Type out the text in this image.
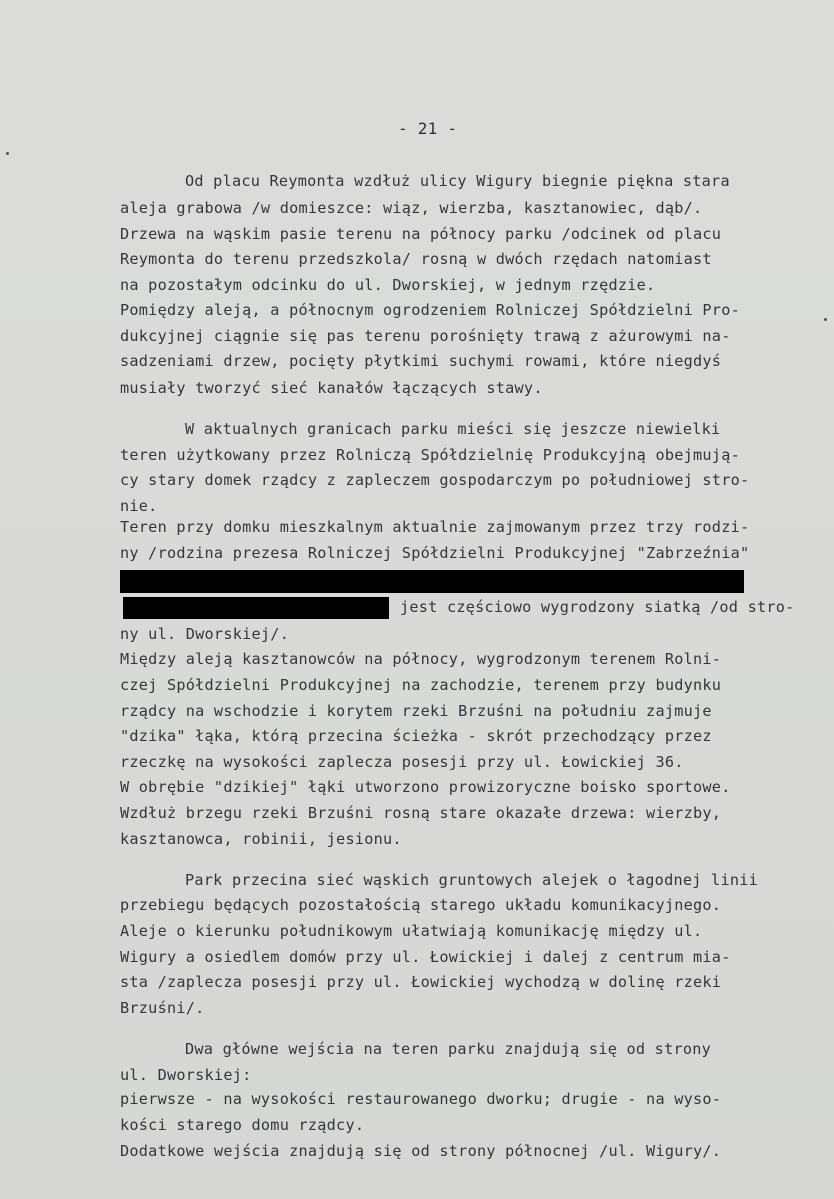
- 21 -
Od placu Reymonta wzdłuż ulicy Wigury biegnie piękna stara
aleja grabowa /w domieszce: wiąz, wierzba, kasztanowiec, dąb/.
Drzewa na wąskim pasie terenu na północy parku /odcinek od placu
Reymonta do terenu przedszkola/ rosną w dwóch rzędach natomiast
na pozostałym odcinku do ul. Dworskiej, w jednym rzędzie.
Pomiędzy aleją, a północnym ogrodzeniem Rolniczej Spółdzielni Pro-
dukcyjnej ciągnie się pas terenu porośnięty trawą z ażurowymi na-
sadzeniami drzew, pocięty płytkimi suchymi rowami, które niegdyś
musiały tworzyć sieć kanałów łączących stawy.
W aktualnych granicach parku mieści się jeszcze niewielki
teren użytkowany przez Rolniczą Spółdzielnię Produkcyjną obejmują-
cy stary domek rządcy z zapleczem gospodarczym po południowej stro-
nie.
Teren przy domku mieszkalnym aktualnie zajmowanym przez trzy rodzi-
ny /rodzina prezesa Rolniczej Spółdzielni Produkcyjnej "Zabrzeźnia"
jest częściowo wygrodzony siatką /od stro-
ny ul. Dworskiej/.
Między aleją kasztanowców na północy, wygrodzonym terenem Rolni-
czej Spółdzielni Produkcyjnej na zachodzie, terenem przy budynku
rządcy na wschodzie i korytem rzeki Brzuśni na południu zajmuje
"dzika" łąka, którą przecina ścieżka - skrót przechodzący przez
rzeczkę na wysokości zaplecza posesji przy ul. Łowickiej 36.
W obrębie "dzikiej" łąki utworzono prowizoryczne boisko sportowe.
Wzdłuż brzegu rzeki Brzuśni rosną stare okazałe drzewa: wierzby,
kasztanowca, robinii, jesionu.
Park przecina sieć wąskich gruntowych alejek o łagodnej linii
przebiegu będących pozostałością starego układu komunikacyjnego.
Aleje o kierunku południkowym ułatwiają komunikację między ul.
Wigury a osiedlem domów przy ul. Łowickiej i dalej z centrum mia-
sta /zaplecza posesji przy ul. Łowickiej wychodzą w dolinę rzeki
Brzuśni/.
Dwa główne wejścia na teren parku znajdują się od strony
ul. Dworskiej:
pierwsze - na wysokości restaurowanego dworku; drugie - na wyso-
kości starego domu rządcy.
Dodatkowe wejścia znajdują się od strony północnej /ul. Wigury/.
